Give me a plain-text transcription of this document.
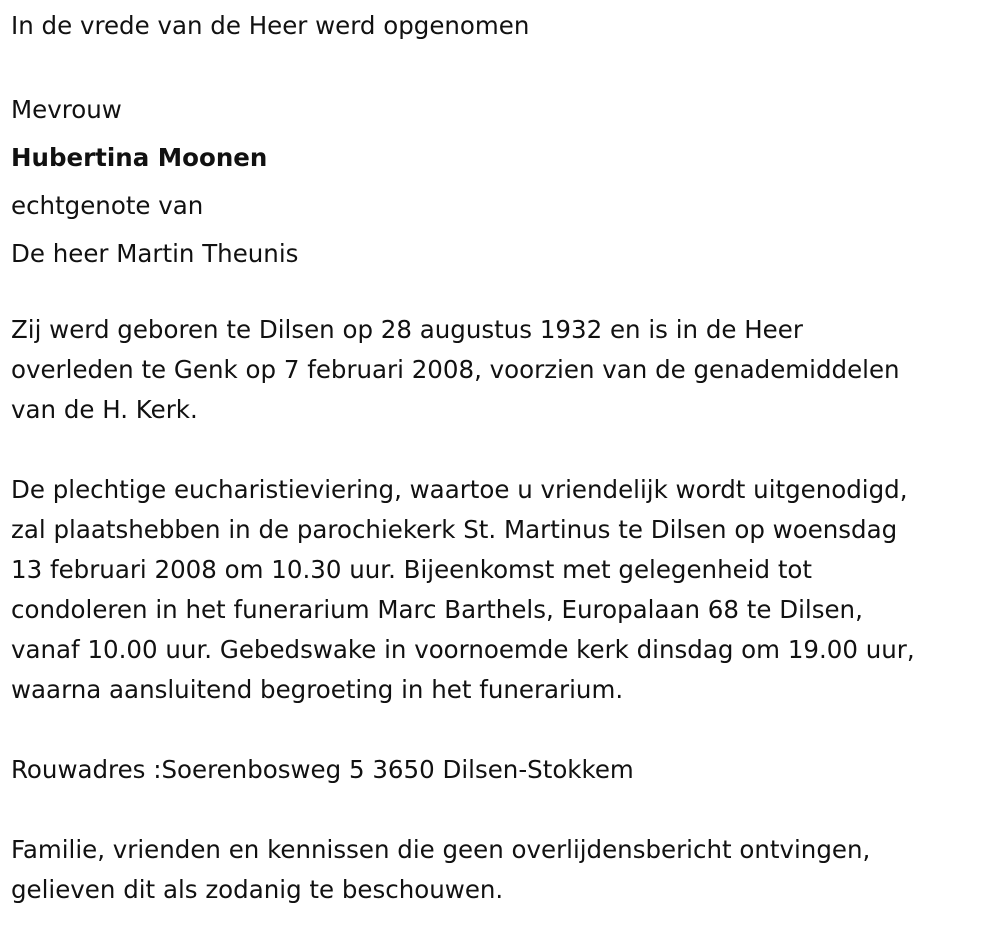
In de vrede van de Heer werd opgenomen
Mevrouw
Hubertina Moonen
echtgenote van
De heer Martin Theunis
Zij werd geboren te Dilsen op 28 augustus 1932 en is in de Heer
overleden te Genk op 7 februari 2008, voorzien van de genademiddelen
van de H. Kerk.
De plechtige eucharistieviering, waartoe u vriendelijk wordt uitgenodigd,
zal plaatshebben in de parochiekerk St. Martinus te Dilsen op woensdag
13 februari 2008 om 10.30 uur. Bijeenkomst met gelegenheid tot
condoleren in het funerarium Marc Barthels, Europalaan 68 te Dilsen,
vanaf 10.00 uur. Gebedswake in voornoemde kerk dinsdag om 19.00 uur,
waarna aansluitend begroeting in het funerarium.
Rouwadres :Soerenbosweg 5 3650 Dilsen-Stokkem
Familie, vrienden en kennissen die geen overlijdensbericht ontvingen,
gelieven dit als zodanig te beschouwen.
